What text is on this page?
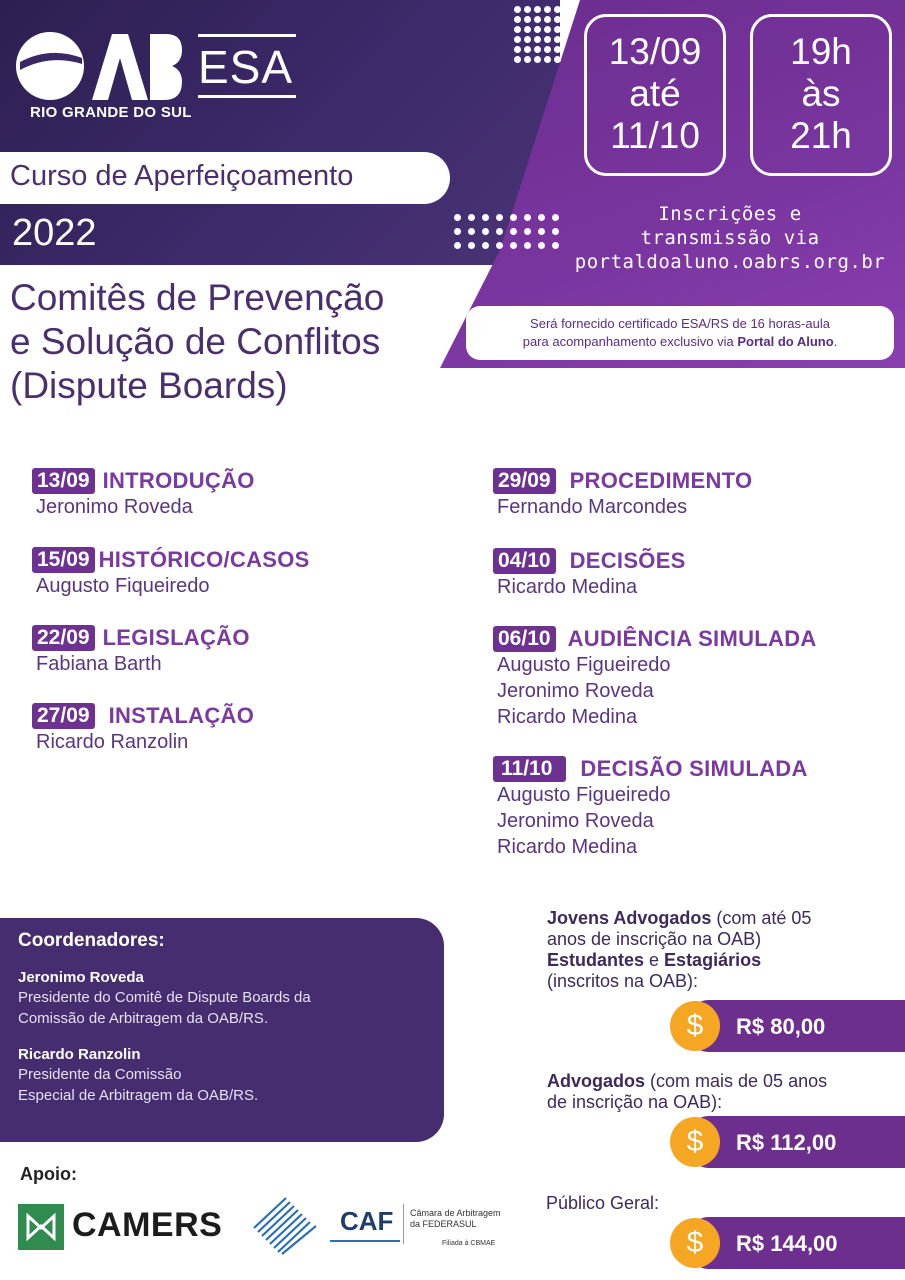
RIO GRANDE DO SUL
ESA	13/09
até
11/10
19h
às
21h
Inscrições e
transmissão via
portaldoaluno.oabrs.org.br
Será fornecido certificado ESA/RS de 16 horas-aula
para acompanhamento exclusivo via Portal do Aluno.
Curso de Aperfeiçoamento
2022
Comitês de Prevenção
e Solução de Conflitos
(Dispute Boards)
13/09 INTRODUÇÃO
Jeronimo Roveda
15/09 HISTÓRICO/CASOS
Augusto Fiqueiredo
22/09 LEGISLAÇÃO
Fabiana Barth
27/09 INSTALAÇÃO
Ricardo Ranzolin
29/09 PROCEDIMENTO
Fernando Marcondes
04/10 DECISÕES
Ricardo Medina
06/10 AUDIÊNCIA SIMULADA
Augusto Figueiredo
Jeronimo Roveda
Ricardo Medina
11/10	DECISÃO SIMULADA
Augusto Figueiredo
Jeronimo Roveda
Ricardo Medina
Coordenadores:
Jeronimo Roveda
Presidente do Comitê de Dispute Boards da
Comissão de Arbitragem da OAB/RS.
Ricardo Ranzolin
Presidente da Comissão
Especial de Arbitragem da OAB/RS.
Jovens Advogados (com até 05
anos de inscrição na OAB)
Estudantes e Estagiários
(inscritos na OAB):
R$ 80,00
$
Advogados (com mais de 05 anos
de inscrição na OAB):
R$ 112,00
$
Público Geral:
R$ 144,00
$
Apoio:
CAMERS	CAF Câmara de Arbitragem
da FEDERASUL
Filiada à CBMAE
